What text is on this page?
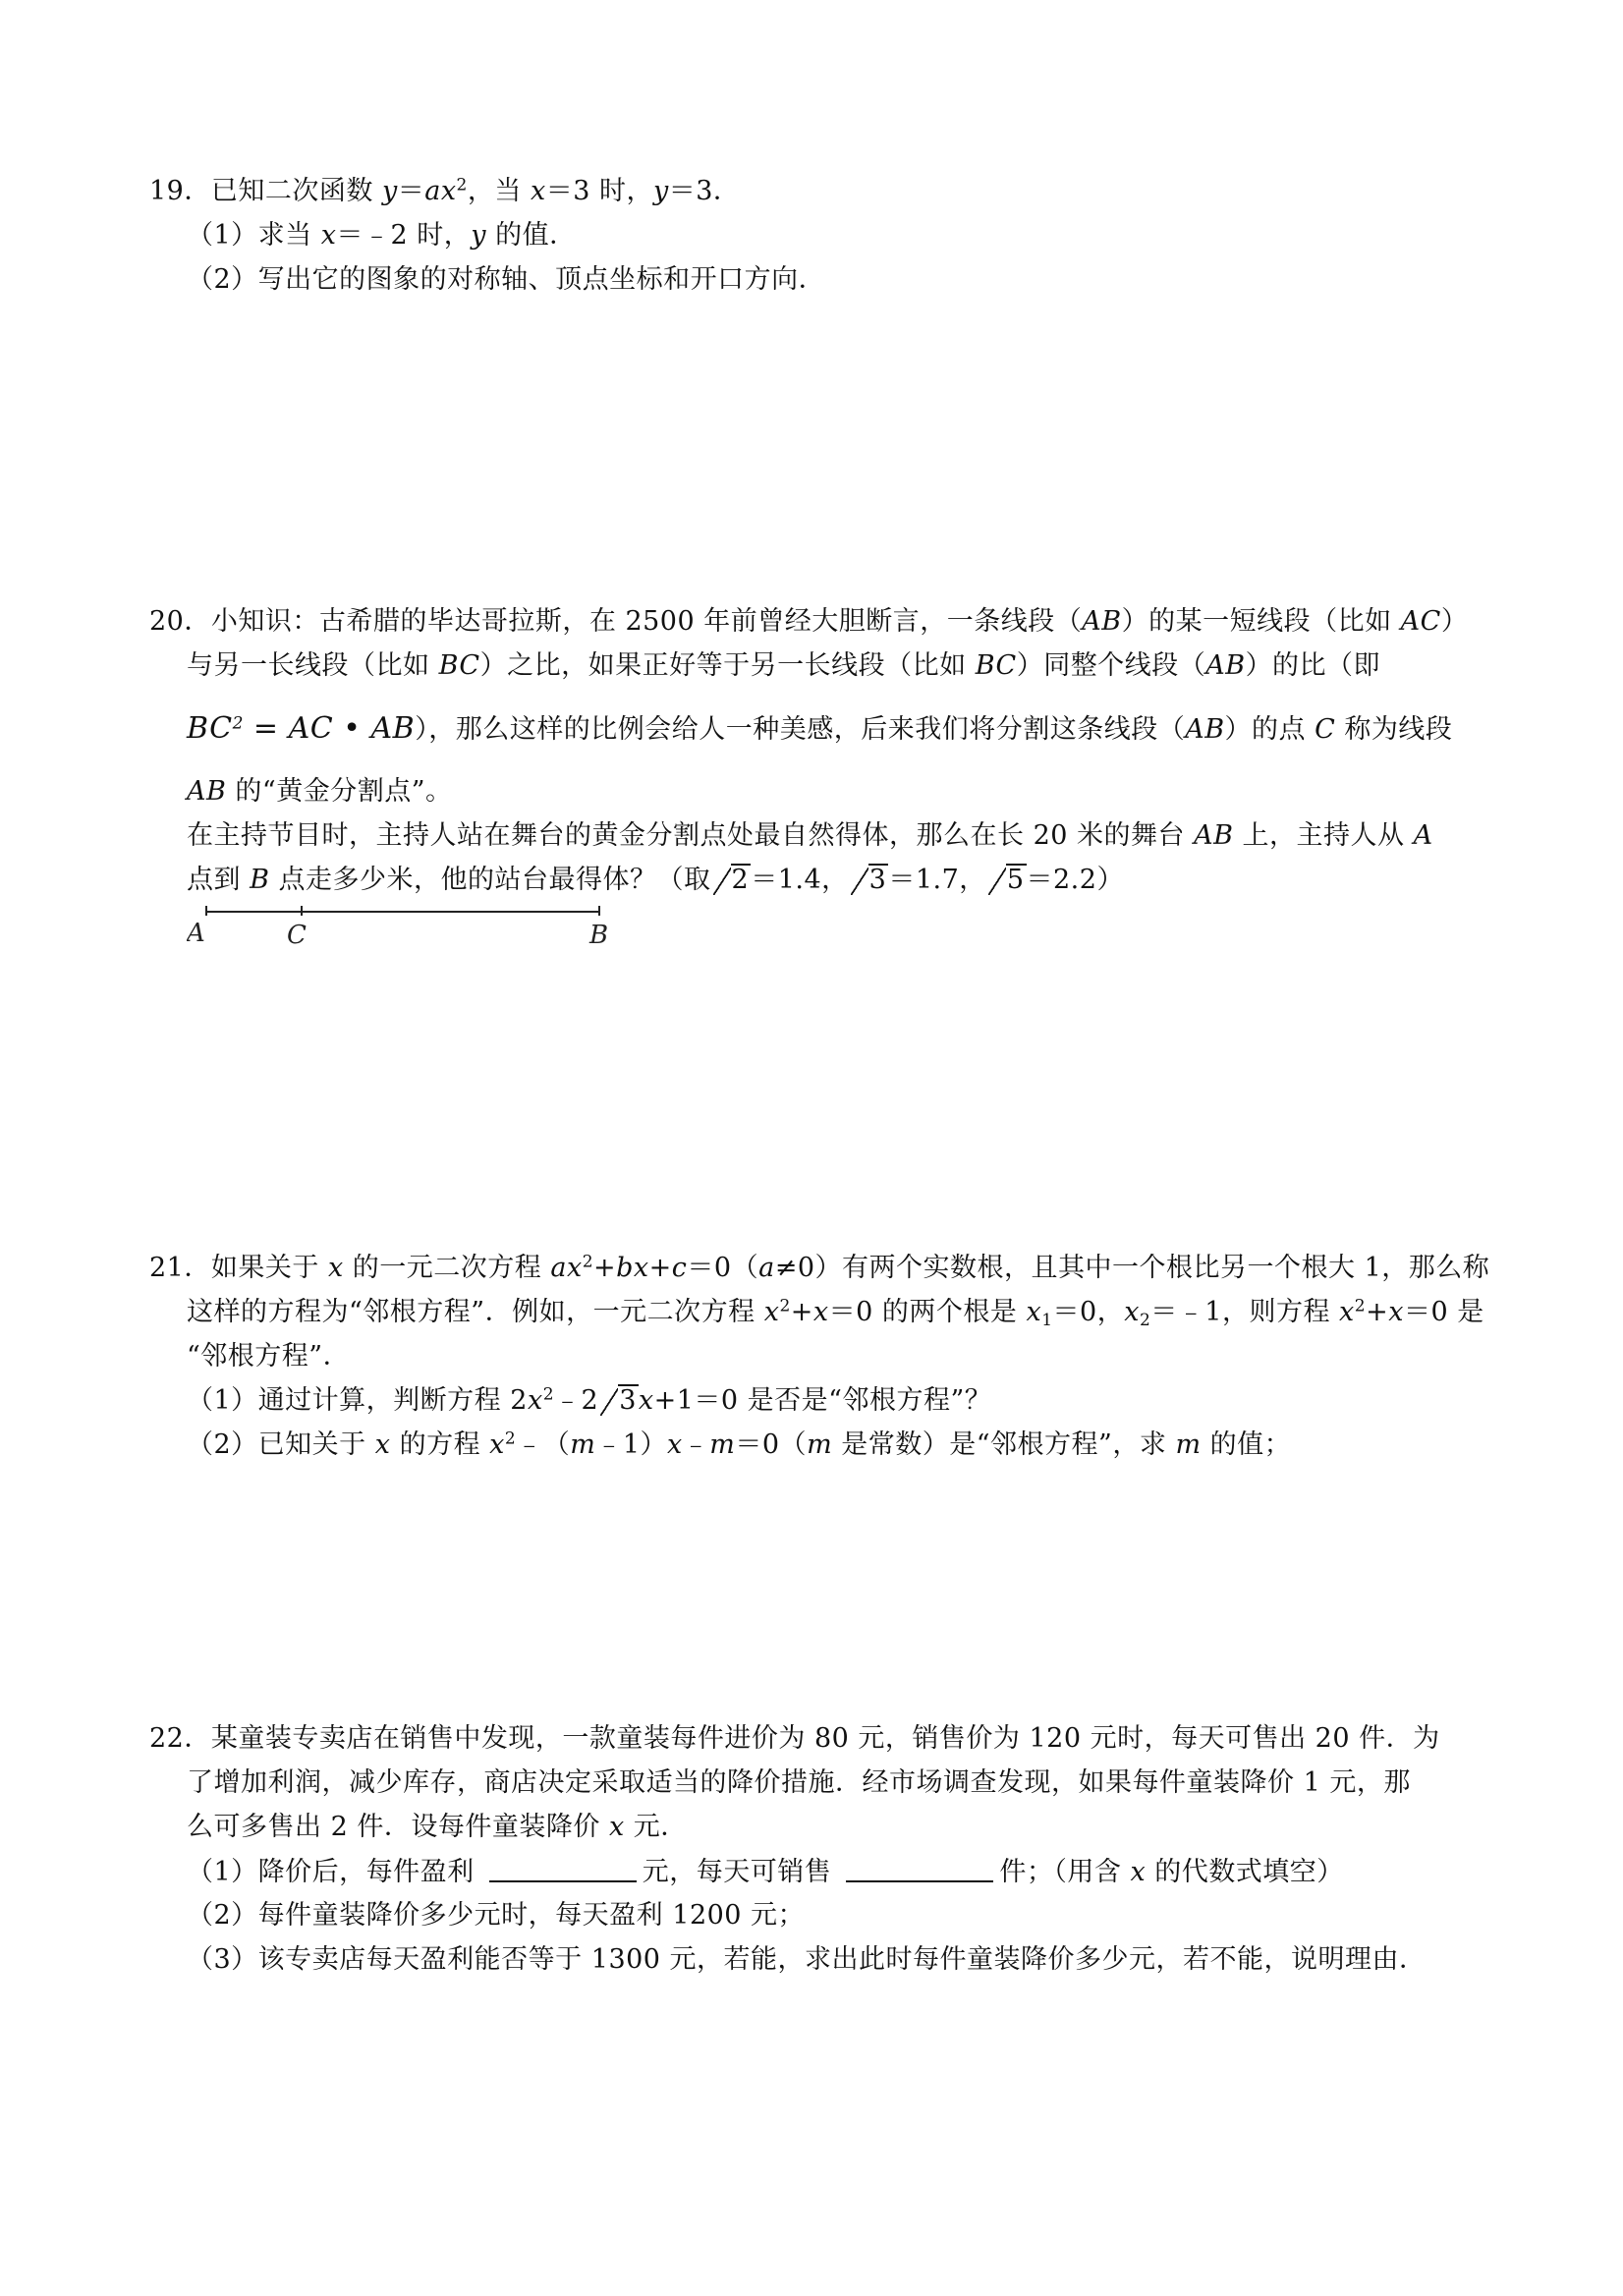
19．已知二次函数 $y=ax^2$，当 x＝3 时，y＝3．
（1）求当 x＝﹣2 时，y 的值．
（2）写出它的图象的对称轴、顶点坐标和开口方向．
20．小知识：古希腊的毕达哥拉斯，在 2500 年前曾经大胆断言，一条线段（AB）的某一短线段（比如 AC）
与另一长线段（比如 BC）之比，如果正好等于另一长线段（比如 BC）同整个线段（AB）的比（即
$BC^2$ = AC • AB），那么这样的比例会给人一种美感，后来我们将分割这条线段（AB）的点 C 称为线段
AB 的“黄金分割点”。
在主持节目时，主持人站在舞台的黄金分割点处最自然得体，那么在长 20 米的舞台 AB 上，主持人从 A
点到 B 点走多少米，他的站台最得体？（取 2＝1.4， 3＝1.7， 5＝2.2）
A	C	B
21．如果关于 x 的一元二次方程 $ax^2+bx+c=0(a\ne 0)$有两个实数根，且其中一个根比另一个根大 1，那么称
这样的方程为“邻根方程”．例如，一元二次方程 $x^2+x=0$ 的两个根是 $x_1=0$，$x_2=﹣1$，则方程 $x^2+x=0$ 是
“邻根方程”．
（1）通过计算，判断方程 $2x^2﹣2$ 3x+1＝0 是否是“邻根方程”？
（2）已知关于 x 的方程 $x^2﹣(m﹣1)x﹣m=0(m$ 是常数）是“邻根方程”，求 m 的值；
22．某童装专卖店在销售中发现，一款童装每件进价为 80 元，销售价为 120 元时，每天可售出 20 件．为
了增加利润，减少库存，商店决定采取适当的降价措施．经市场调查发现，如果每件童装降价 1 元，那
么可多售出 2 件．设每件童装降价 x 元．
（1）降价后，每件盈利	元，每天可销售	件；（用含 x 的代数式填空）
（2）每件童装降价多少元时，每天盈利 1200 元；
（3）该专卖店每天盈利能否等于 1300 元，若能，求出此时每件童装降价多少元，若不能，说明理由．
